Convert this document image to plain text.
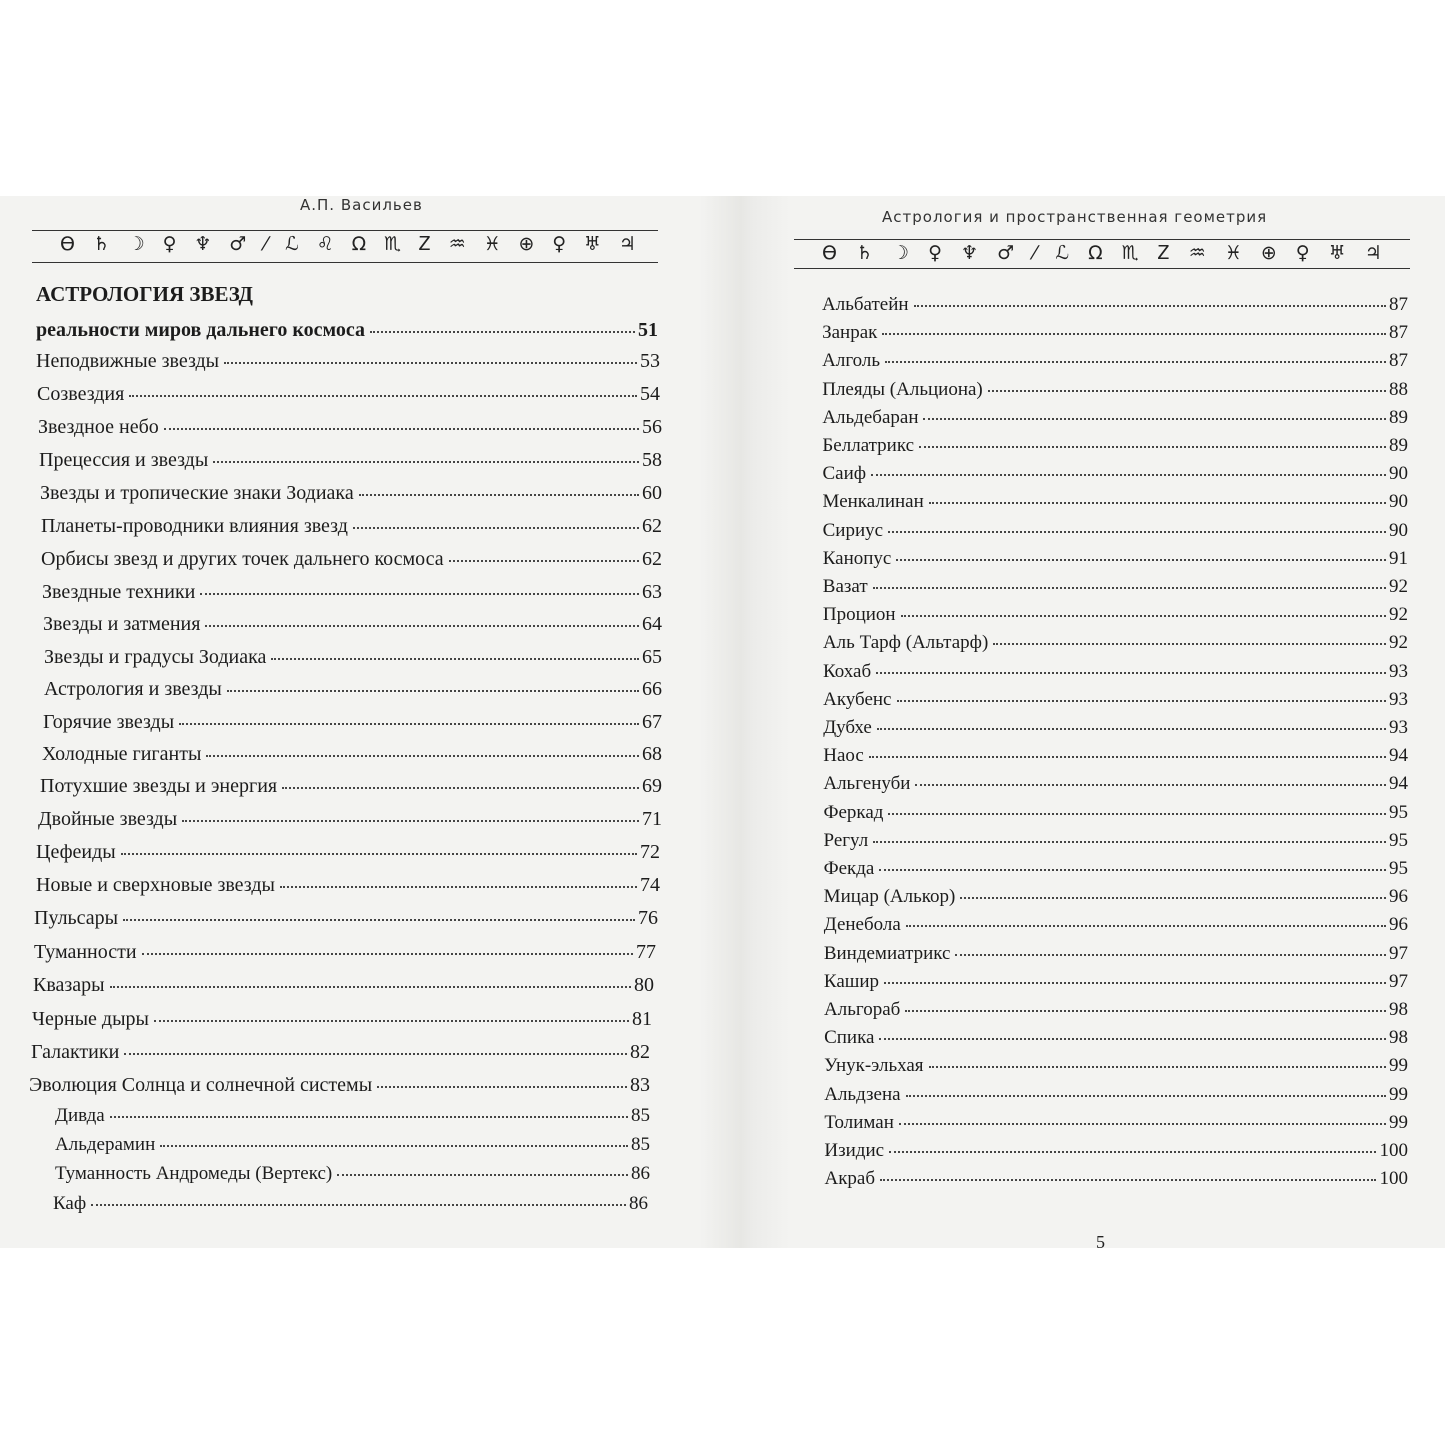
А.П. Васильев
ϴ ♄ ☽ ♀ ♆ ♂ ⁄ ℒ ♌ Ω ♏ Ꮓ ♒ ♓ ⊕ ♀ ♅ ♃
АСТРОЛОГИЯ ЗВЕЗД
реальности миров дальнего космоса	51
Неподвижные звезды	53
Созвездия	54
Звездное небо	56
Прецессия и звезды	58
Звезды и тропические знаки Зодиака	60
Планеты-проводники влияния звезд	62
Орбисы звезд и других точек дальнего космоса	62
Звездные техники	63
Звезды и затмения	64
Звезды и градусы Зодиака	65
Астрология и звезды	66
Горячие звезды	67
Холодные гиганты	68
Потухшие звезды и энергия	69
Двойные звезды	71
Цефеиды	72
Новые и сверхновые звезды	74
Пульсары	76
Туманности	77
Квазары	80
Черные дыры	81
Галактики	82
Эволюция Солнца и солнечной системы	83
Дивда	85
Альдерамин	85
Туманность Андромеды (Вертекс)	86
Каф	86
Астрология и пространственная геометрия
ϴ ♄ ☽ ♀ ♆ ♂ ⁄ ℒ Ω ♏ Ꮓ ♒ ♓ ⊕ ♀ ♅ ♃
Альбатейн	87
Занрак	87
Алголь	87
Плеяды (Альциона)	88
Альдебаран	89
Беллатрикс	89
Саиф	90
Менкалинан	90
Сириус	90
Канопус	91
Вазат	92
Процион	92
Аль Тарф (Альтарф)	92
Кохаб	93
Акубенс	93
Дубхе	93
Наос	94
Альгенуби	94
Феркад	95
Регул	95
Фекда	95
Мицар (Алькор)	96
Денебола	96
Виндемиатрикс	97
Кашир	97
Альгораб	98
Спика	98
Унук-эльхая	99
Альдзена	99
Толиман	99
Изидис	100
Акраб	100
5
